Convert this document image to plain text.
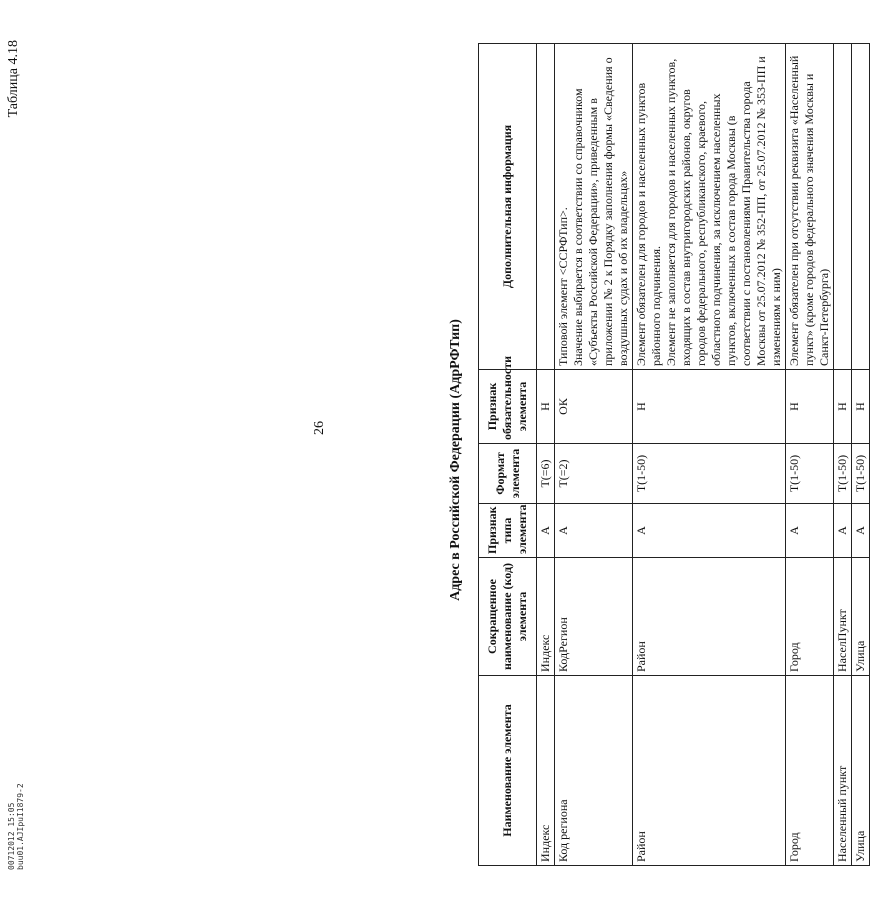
26
Таблица 4.18
Адрес в Российской Федерации (АдрРФТип)
Наименование элемента	Сокращенное наименование (код) элемента	Признак типа элемента	Формат элемента	Признак обязательности элемента	Дополнительная информация
Индекс	Индекс	А	T(=6)	Н	
Код региона	КодРегион	А	T(=2)	ОК	Типовой элемент <ССРФТип>.
Значение выбирается в соответствии со справочником «Субъекты Российской Федерации», приведенным в приложении № 2 к Порядку заполнения формы «Сведения о воздушных судах и об их владельцах»
Район	Район	А	T(1-50)	Н	Элемент обязателен для городов и населенных пунктов районного подчинения.
Элемент не заполняется для городов и населенных пунктов, входящих в состав внутригородских районов, округов городов федерального, республиканского, краевого, областного подчинения, за исключением населенных пунктов, включенных в состав города Москвы (в соответствии с постановлениями Правительства города Москвы от 25.07.2012 № 352-ПП, от 25.07.2012 № 353-ПП и изменениям к ним)
Город	Город	А	T(1-50)	Н	Элемент обязателен при отсутствии реквизита «Населенный пункт» (кроме городов федерального значения Москвы и Санкт-Петербурга)
Населенный пункт	НаселПункт	А	T(1-50)	Н	
Улица	Улица	А	T(1-50)	Н	
00712012 15:05
buu01.AJIpuI1879-2
